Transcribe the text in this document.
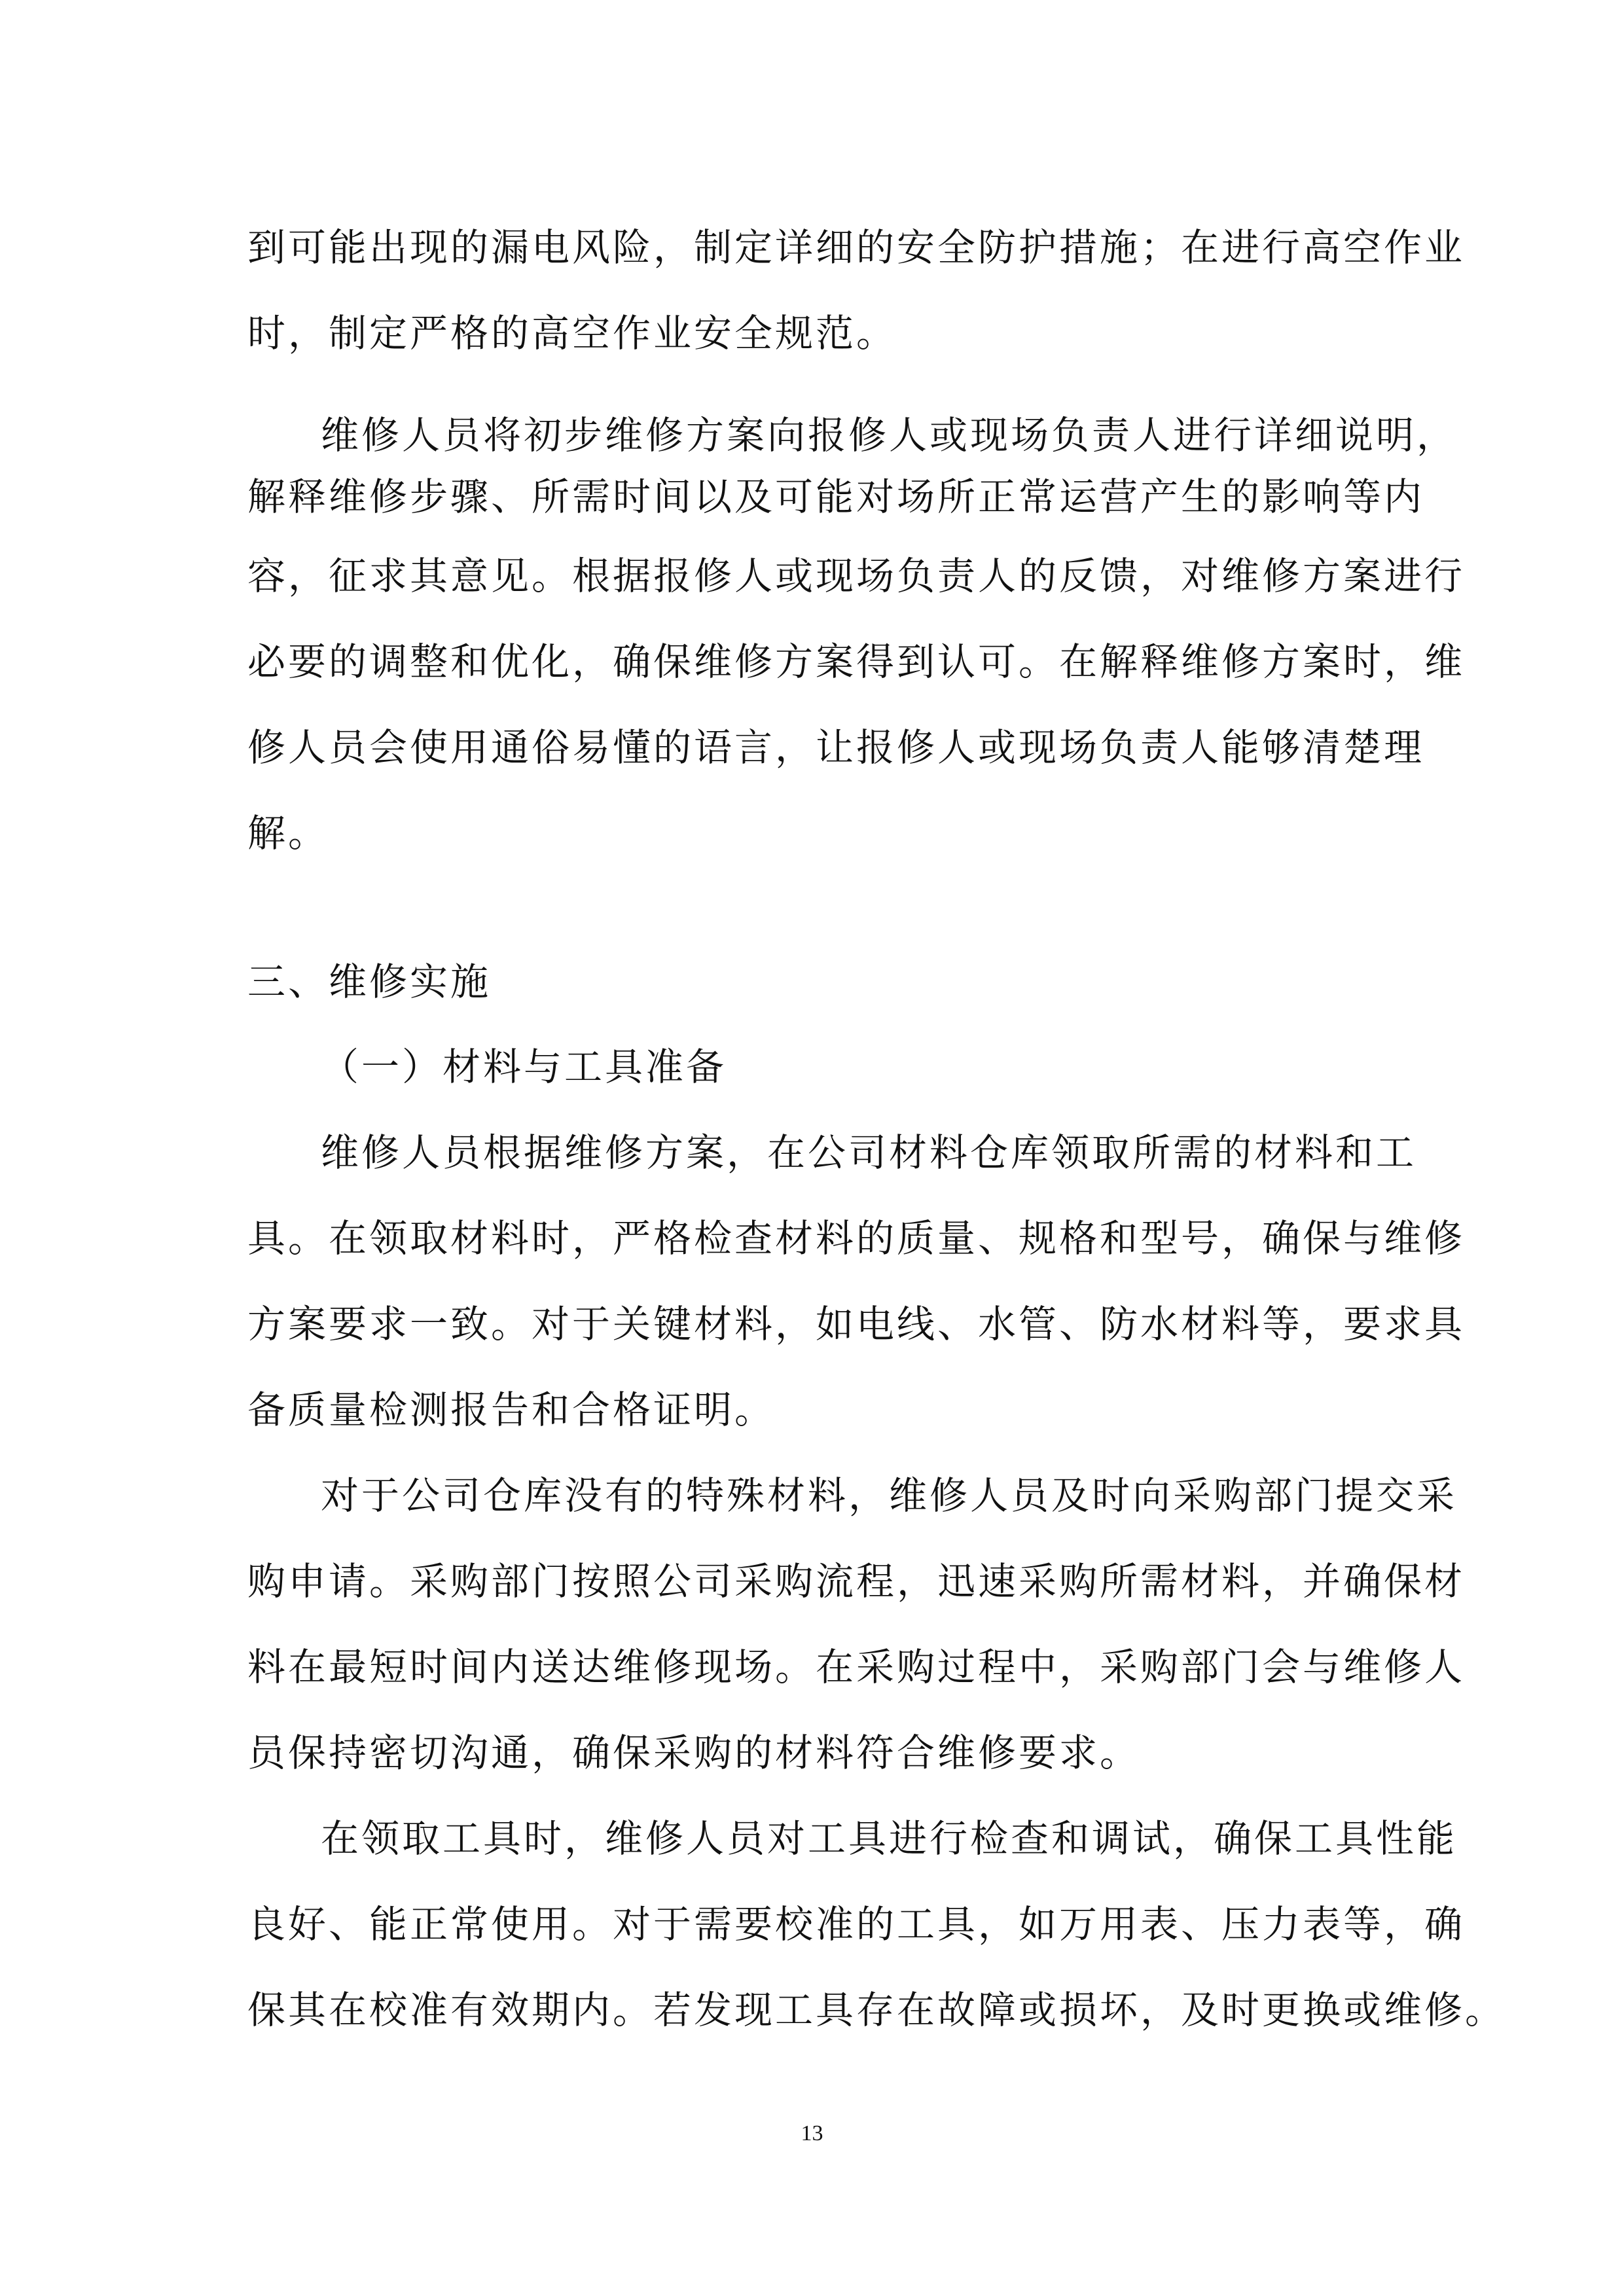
到可能出现的漏电风险，制定详细的安全防护措施；在进行高空作业
时，制定严格的高空作业安全规范。
维修人员将初步维修方案向报修人或现场负责人进行详细说明，
解释维修步骤、所需时间以及可能对场所正常运营产生的影响等内
容，征求其意见。根据报修人或现场负责人的反馈，对维修方案进行
必要的调整和优化，确保维修方案得到认可。在解释维修方案时，维
修人员会使用通俗易懂的语言，让报修人或现场负责人能够清楚理
解。
三、维修实施
（一）材料与工具准备
维修人员根据维修方案，在公司材料仓库领取所需的材料和工
具。在领取材料时，严格检查材料的质量、规格和型号，确保与维修
方案要求一致。对于关键材料，如电线、水管、防水材料等，要求具
备质量检测报告和合格证明。
对于公司仓库没有的特殊材料，维修人员及时向采购部门提交采
购申请。采购部门按照公司采购流程，迅速采购所需材料，并确保材
料在最短时间内送达维修现场。在采购过程中，采购部门会与维修人
员保持密切沟通，确保采购的材料符合维修要求。
在领取工具时，维修人员对工具进行检查和调试，确保工具性能
良好、能正常使用。对于需要校准的工具，如万用表、压力表等，确
保其在校准有效期内。若发现工具存在故障或损坏，及时更换或维修。
13
